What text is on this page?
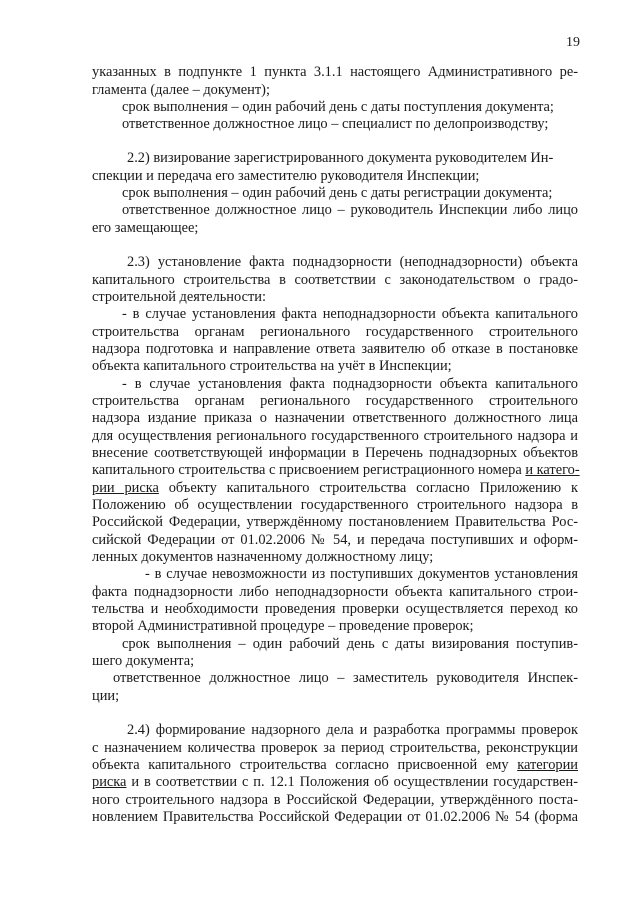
19
указанных в подпункте 1 пункта 3.1.1 настоящего Административного ре-
гламента (далее – документ);
срок выполнения – один рабочий день с даты поступления документа;
ответственное должностное лицо – специалист по делопроизводству;
2.2) визирование зарегистрированного документа руководителем Ин-
спекции и передача его заместителю руководителя Инспекции;
срок выполнения – один рабочий день с даты регистрации документа;
ответственное должностное лицо – руководитель Инспекции либо лицо
его замещающее;
2.3) установление факта поднадзорности (неподнадзорности) объекта
капитального строительства в соответствии с законодательством о градо-
строительной деятельности:
- в случае установления факта неподнадзорности объекта капитального
строительства органам регионального государственного строительного
надзора подготовка и направление ответа заявителю об отказе в постановке
объекта капитального строительства на учёт в Инспекции;
- в случае установления факта поднадзорности объекта капитального
строительства органам регионального государственного строительного
надзора издание приказа о назначении ответственного должностного лица
для осуществления регионального государственного строительного надзора и
внесение соответствующей информации в Перечень поднадзорных объектов
капитального строительства с присвоением регистрационного номера и катего-
рии риска объекту капитального строительства согласно Приложению к
Положению об осуществлении государственного строительного надзора в
Российской Федерации, утверждённому постановлением Правительства Рос-
сийской Федерации от 01.02.2006 № 54, и передача поступивших и оформ-
ленных документов назначенному должностному лицу;
- в случае невозможности из поступивших документов установления
факта поднадзорности либо неподнадзорности объекта капитального строи-
тельства и необходимости проведения проверки осуществляется переход ко
второй Административной процедуре – проведение проверок;
срок выполнения – один рабочий день с даты визирования поступив-
шего документа;
ответственное должностное лицо – заместитель руководителя Инспек-
ции;
2.4) формирование надзорного дела и разработка программы проверок
с назначением количества проверок за период строительства, реконструкции
объекта капитального строительства согласно присвоенной ему категории
риска и в соответствии с п. 12.1 Положения об осуществлении государствен-
ного строительного надзора в Российской Федерации, утверждённого поста-
новлением Правительства Российской Федерации от 01.02.2006 № 54 (форма
